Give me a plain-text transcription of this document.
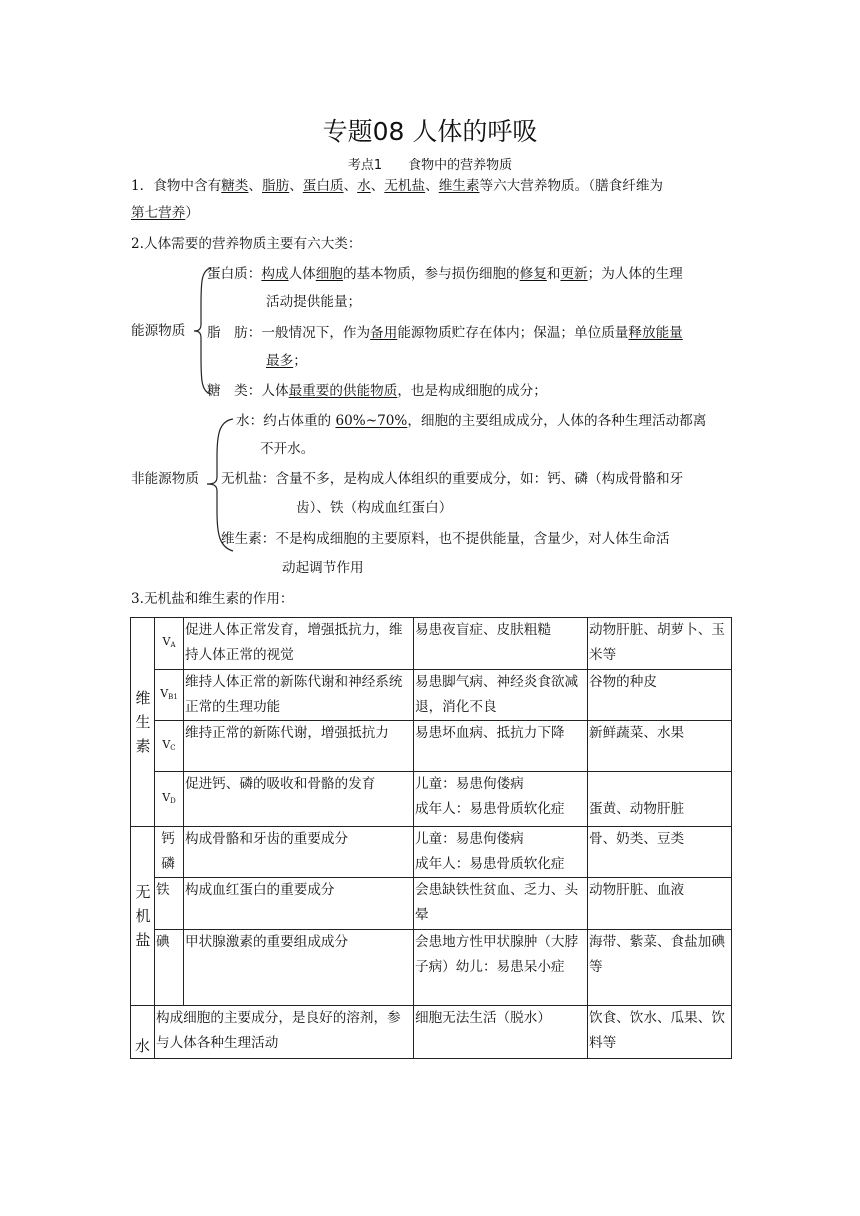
专题08 人体的呼吸
考点1 食物中的营养物质
1．食物中含有糖类、脂肪、蛋白质、水、无机盐、维生素等六大营养物质。（膳食纤维为
第七营养）
2.人体需要的营养物质主要有六大类：
能源物质
蛋白质：构成人体细胞的基本物质，参与损伤细胞的修复和更新；为人体的生理
活动提供能量；
脂　肪：一般情况下，作为备用能源物质贮存在体内；保温；单位质量释放能量
最多；
糖　类：人体最重要的供能物质，也是构成细胞的成分；
非能源物质
水：约占体重的 60%~70%，细胞的主要组成成分，人体的各种生理活动都离
不开水。
无机盐：含量不多，是构成人体组织的重要成分，如：钙、磷（构成骨骼和牙
齿）、铁（构成血红蛋白）
维生素：不是构成细胞的主要原料，也不提供能量，含量少，对人体生命活
动起调节作用
3.无机盐和维生素的作用：
维生素	VA	促进人体正常发育，增强抵抗力，维持人体正常的视觉	易患夜盲症、皮肤粗糙	动物肝脏、胡萝卜、玉米等
	VB1	维持人体正常的新陈代谢和神经系统正常的生理功能	易患脚气病、神经炎食欲减退，消化不良	谷物的种皮
	VC	维持正常的新陈代谢，增强抵抗力	易患坏血病、抵抗力下降	新鲜蔬菜、水果
	VD	促进钙、磷的吸收和骨骼的发育	儿童：易患佝偻病
成年人：易患骨质软化症	蛋黄、动物肝脏

无机盐	钙磷	构成骨骼和牙齿的重要成分	儿童：易患佝偻病
成年人：易患骨质软化症	骨、奶类、豆类
	铁	构成血红蛋白的重要成分	会患缺铁性贫血、乏力、头晕	动物肝脏、血液
	碘	甲状腺激素的重要组成成分	会患地方性甲状腺肿（大脖子病）幼儿：易患呆小症	海带、紫菜、食盐加碘等
水	构成细胞的主要成分，是良好的溶剂，参与人体各种生理活动		细胞无法生活（脱水）	饮食、饮水、瓜果、饮料等
